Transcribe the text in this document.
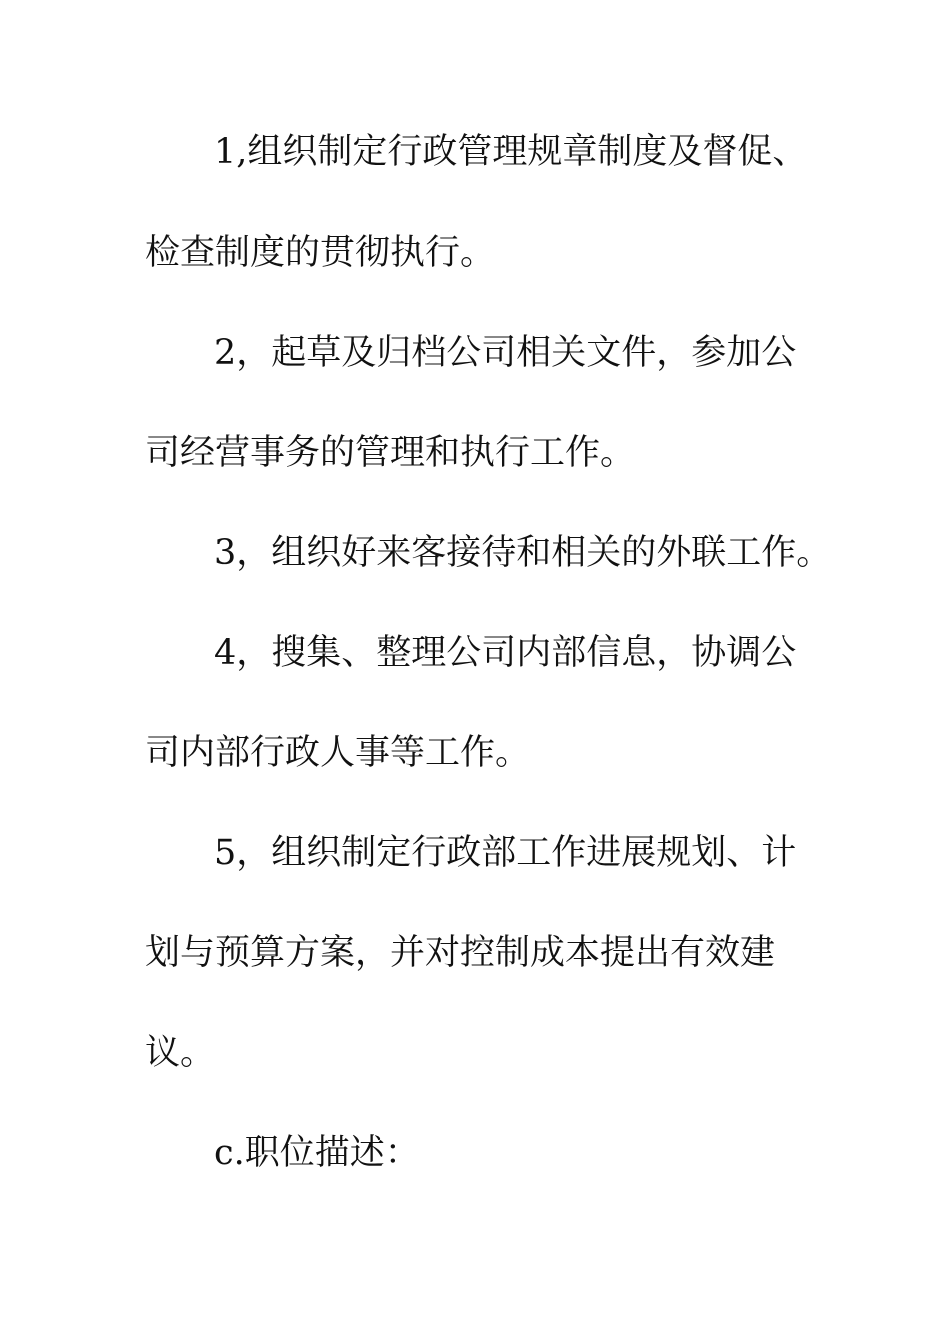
1,组织制定行政管理规章制度及督促、
检查制度的贯彻执行。
2，起草及归档公司相关文件，参加公
司经营事务的管理和执行工作。
3，组织好来客接待和相关的外联工作。
4，搜集、整理公司内部信息，协调公
司内部行政人事等工作。
5，组织制定行政部工作进展规划、计
划与预算方案，并对控制成本提出有效建
议。
c.职位描述：
